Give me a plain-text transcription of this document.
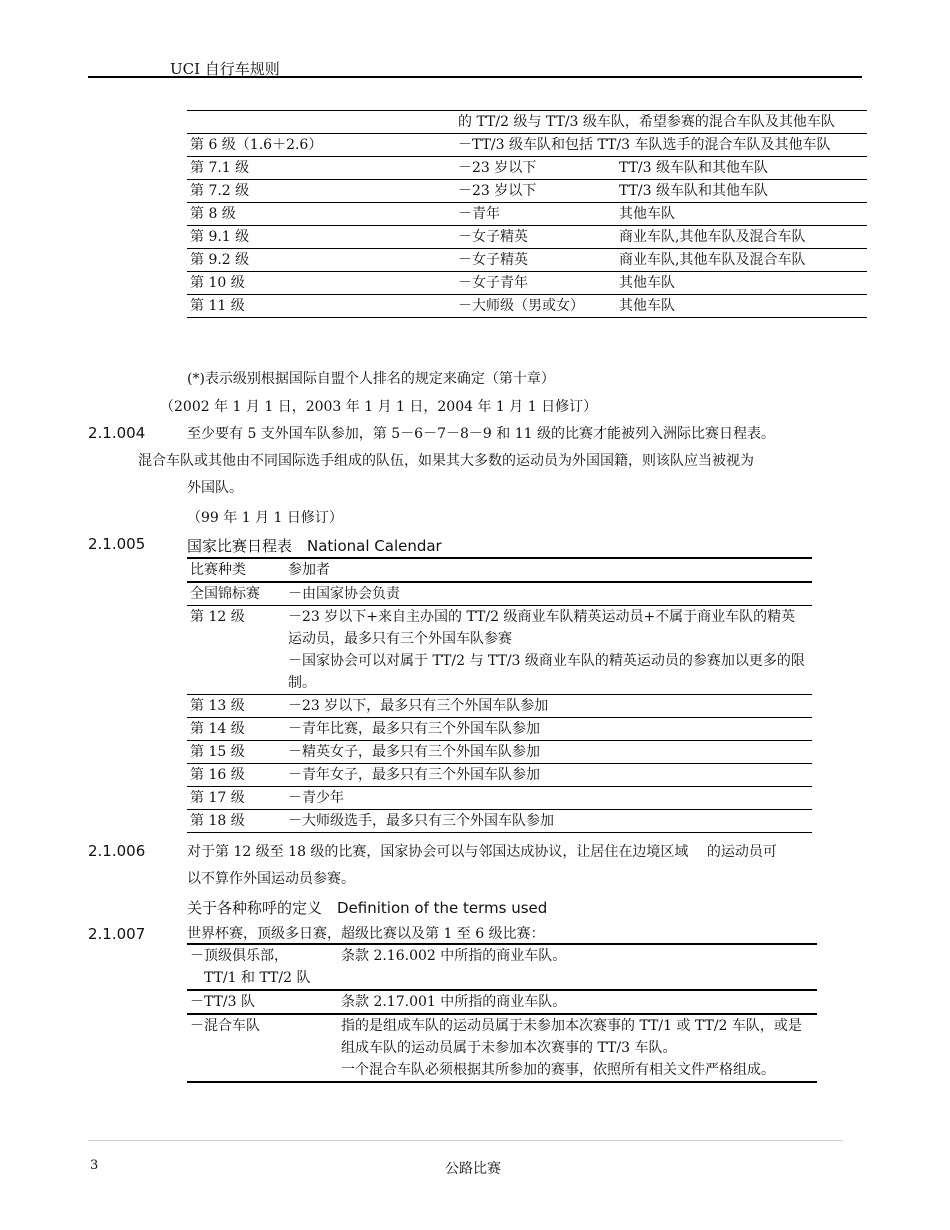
UCI 自行车规则
	的 TT/2 级与 TT/3 级车队，希望参赛的混合车队及其他车队	
第 6 级（1.6＋2.6）	－TT/3 级车队和包括 TT/3 车队选手的混合车队及其他车队	
第 7.1 级	－23 岁以下	TT/3 级车队和其他车队
第 7.2 级	－23 岁以下	TT/3 级车队和其他车队
第 8 级	－青年	其他车队
第 9.1 级	－女子精英	商业车队,其他车队及混合车队
第 9.2 级	－女子精英	商业车队,其他车队及混合车队
第 10 级	－女子青年	其他车队
第 11 级	－大师级（男或女）	其他车队
(*)表示级别根据国际自盟个人排名的规定来确定（第十章）
（2002 年 1 月 1 日，2003 年 1 月 1 日，2004 年 1 月 1 日修订）
2.1.004	至少要有 5 支外国车队参加，第 5－6－7－8－9 和 11 级的比赛才能被列入洲际比赛日程表。
混合车队或其他由不同国际选手组成的队伍，如果其大多数的运动员为外国国籍，则该队应当被视为
外国队。
（99 年 1 月 1 日修订）
2.1.005	国家比赛日程表　National Calendar
比赛种类	参加者
全国锦标赛	－由国家协会负责

第 12 级	－23 岁以下+来自主办国的 TT/2 级商业车队精英运动员+不属于商业车队的精英运动员，最多只有三个外国车队参赛
－国家协会可以对属于 TT/2 与 TT/3 级商业车队的精英运动员的参赛加以更多的限制。

第 13 级	－23 岁以下，最多只有三个外国车队参加

第 14 级	－青年比赛，最多只有三个外国车队参加

第 15 级	－精英女子，最多只有三个外国车队参加

第 16 级	－青年女子，最多只有三个外国车队参加

第 17 级	－青少年

第 18 级	－大师级选手，最多只有三个外国车队参加
2.1.006	对于第 12 级至 18 级的比赛，国家协会可以与邻国达成协议，让居住在边境区域　 的运动员可
以不算作外国运动员参赛。
关于各种称呼的定义　Definition of the terms used
2.1.007	世界杯赛，顶级多日赛，超级比赛以及第 1 至 6 级比赛：
－顶级俱乐部，
　TT/1 和 TT/2 队	条款 2.16.002 中所指的商业车队。

－TT/3 队	条款 2.17.001 中所指的商业车队。

－混合车队	指的是组成车队的运动员属于未参加本次赛事的 TT/1 或 TT/2 车队，或是
组成车队的运动员属于未参加本次赛事的 TT/3 车队。
一个混合车队必须根据其所参加的赛事，依照所有相关文件严格组成。
3	公路比赛
